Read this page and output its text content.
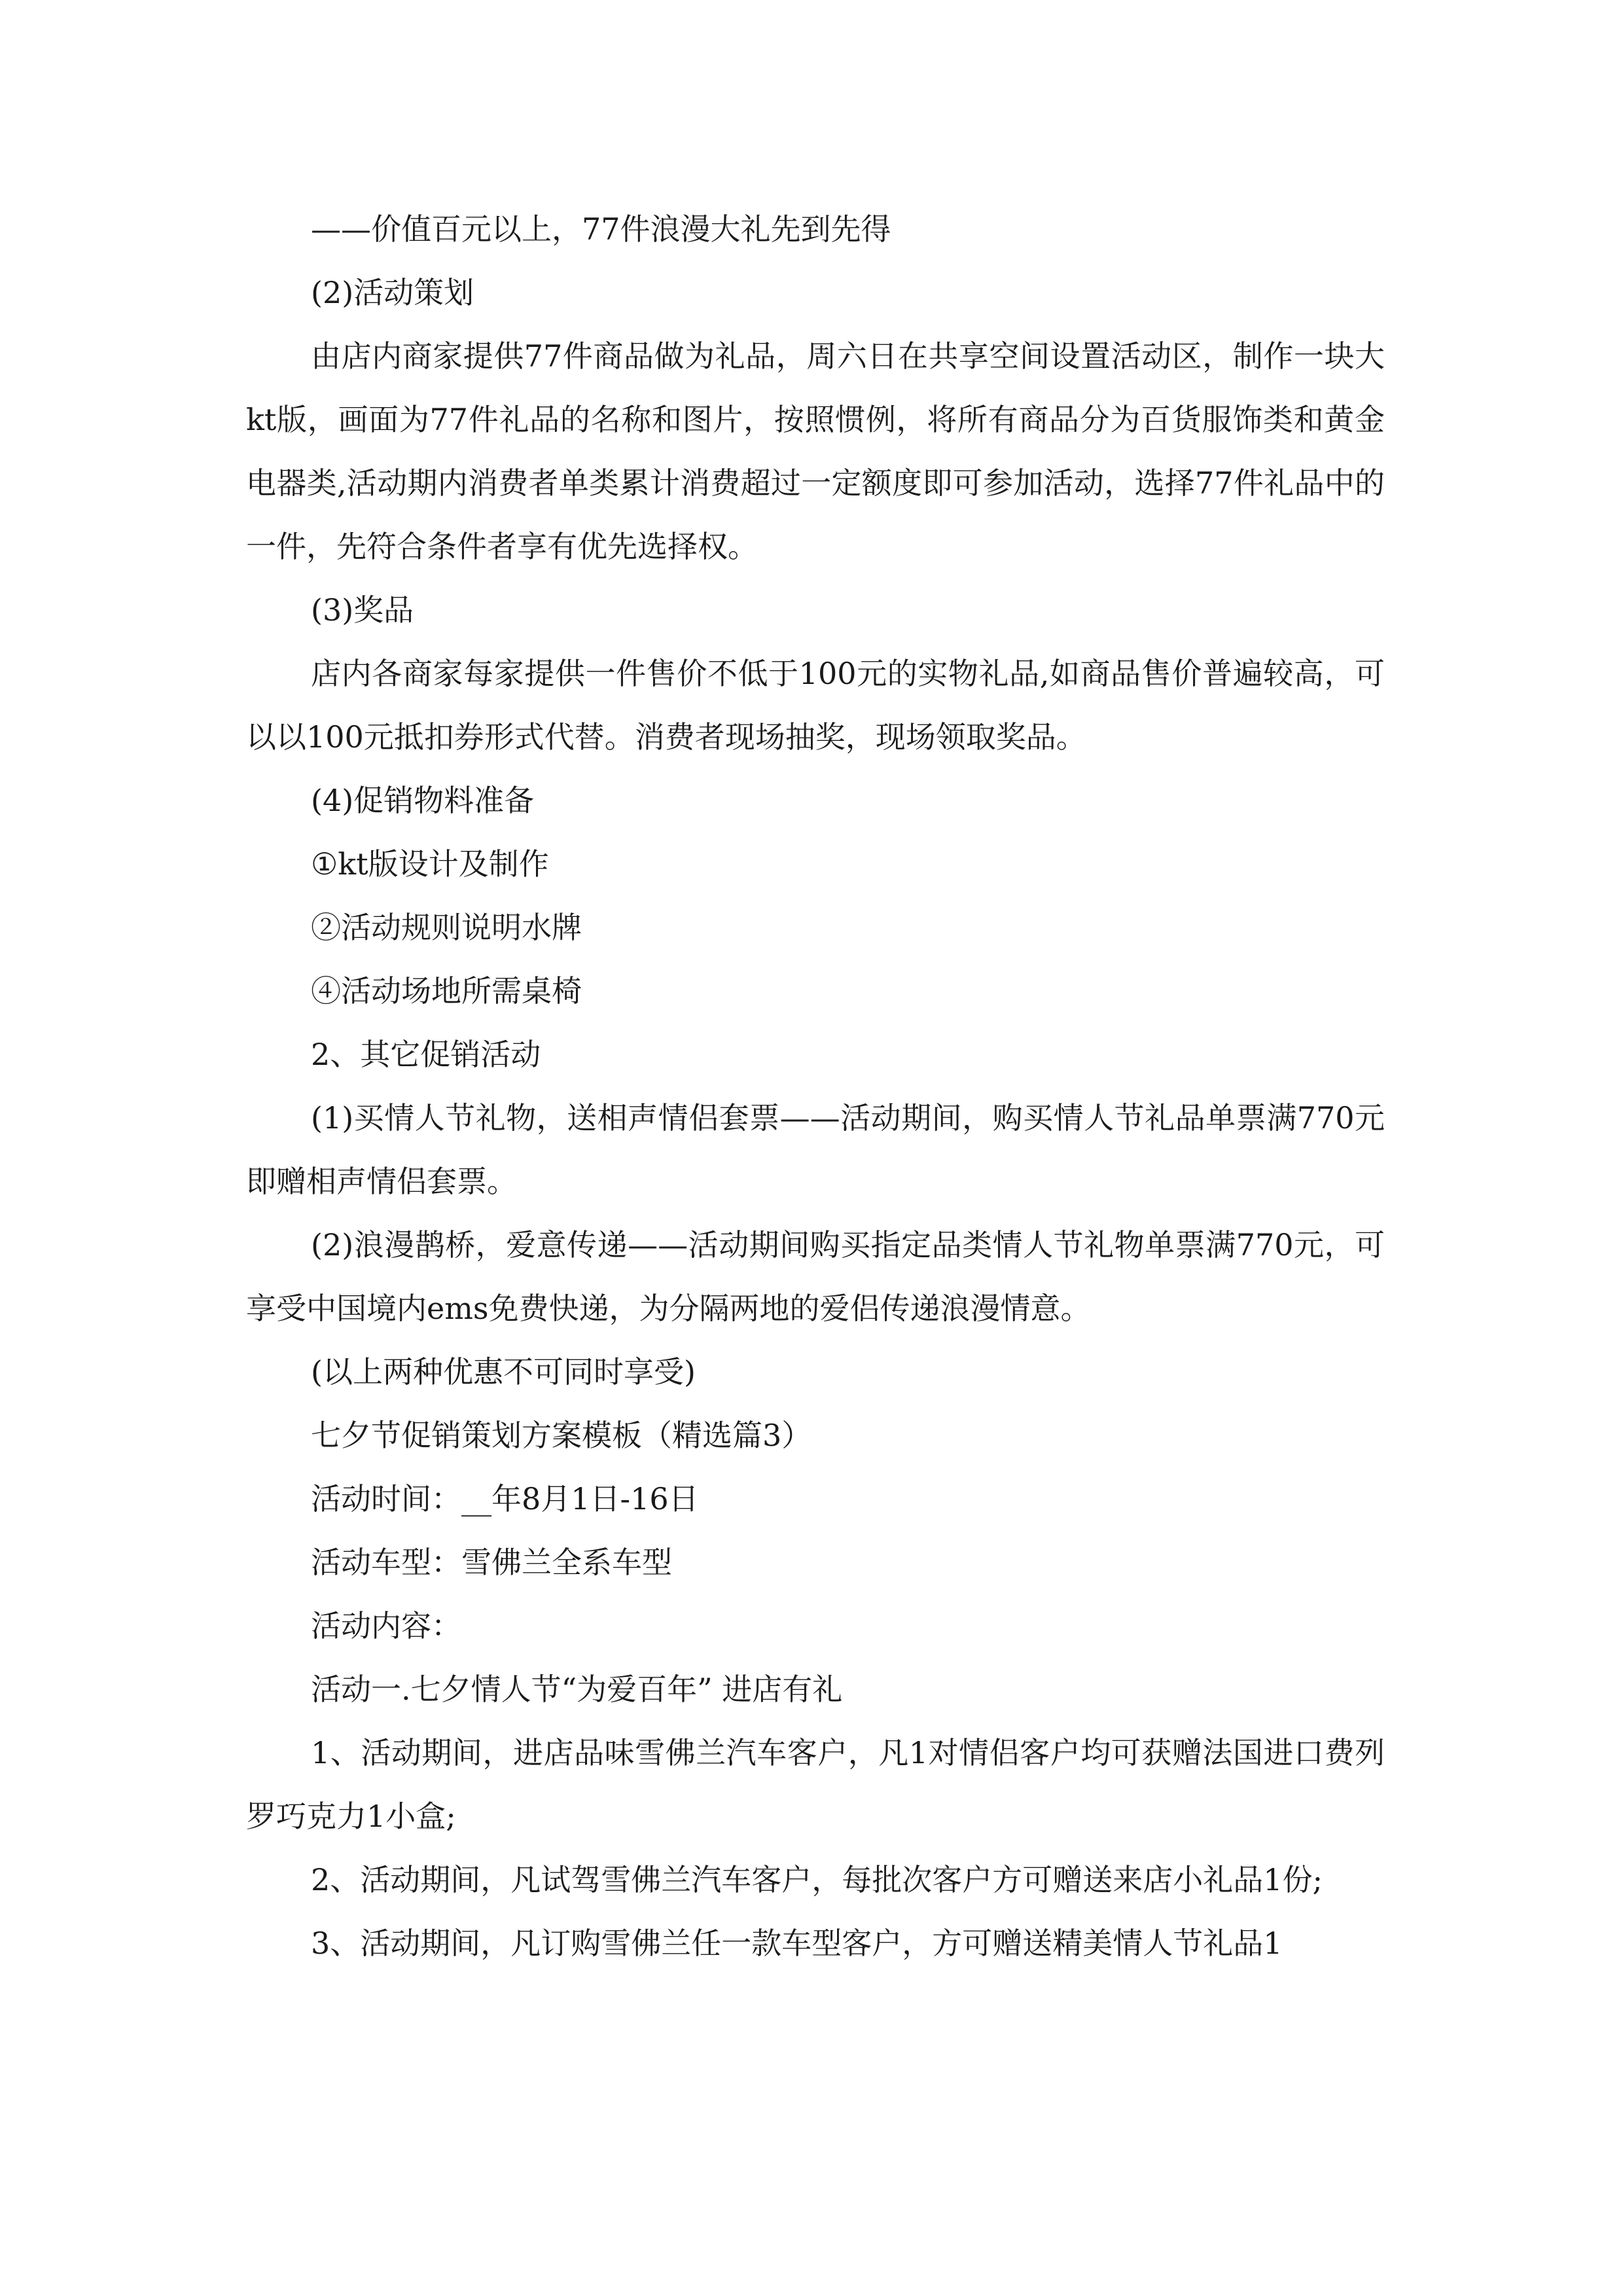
——价值百元以上，77件浪漫大礼先到先得

(2)活动策划

由店内商家提供77件商品做为礼品，周六日在共享空间设置活动区，制作一块大kt版，画面为77件礼品的名称和图片，按照惯例，将所有商品分为百货服饰类和黄金电器类,活动期内消费者单类累计消费超过一定额度即可参加活动，选择77件礼品中的一件，先符合条件者享有优先选择权。

(3)奖品

店内各商家每家提供一件售价不低于100元的实物礼品,如商品售价普遍较高，可以以100元抵扣券形式代替。消费者现场抽奖，现场领取奖品。

(4)促销物料准备

①kt版设计及制作

②活动规则说明水牌

④活动场地所需桌椅

2、其它促销活动

(1)买情人节礼物，送相声情侣套票——活动期间，购买情人节礼品单票满770元即赠相声情侣套票。

(2)浪漫鹊桥，爱意传递——活动期间购买指定品类情人节礼物单票满770元，可享受中国境内ems免费快递，为分隔两地的爱侣传递浪漫情意。

(以上两种优惠不可同时享受)

七夕节促销策划方案模板（精选篇3）

活动时间：__年8月1日-16日

活动车型：雪佛兰全系车型

活动内容：

活动一.七夕情人节“为爱百年” 进店有礼

1、活动期间，进店品味雪佛兰汽车客户，凡1对情侣客户均可获赠法国进口费列罗巧克力1小盒;

2、活动期间，凡试驾雪佛兰汽车客户，每批次客户方可赠送来店小礼品1份;

3、活动期间，凡订购雪佛兰任一款车型客户，方可赠送精美情人节礼品1
